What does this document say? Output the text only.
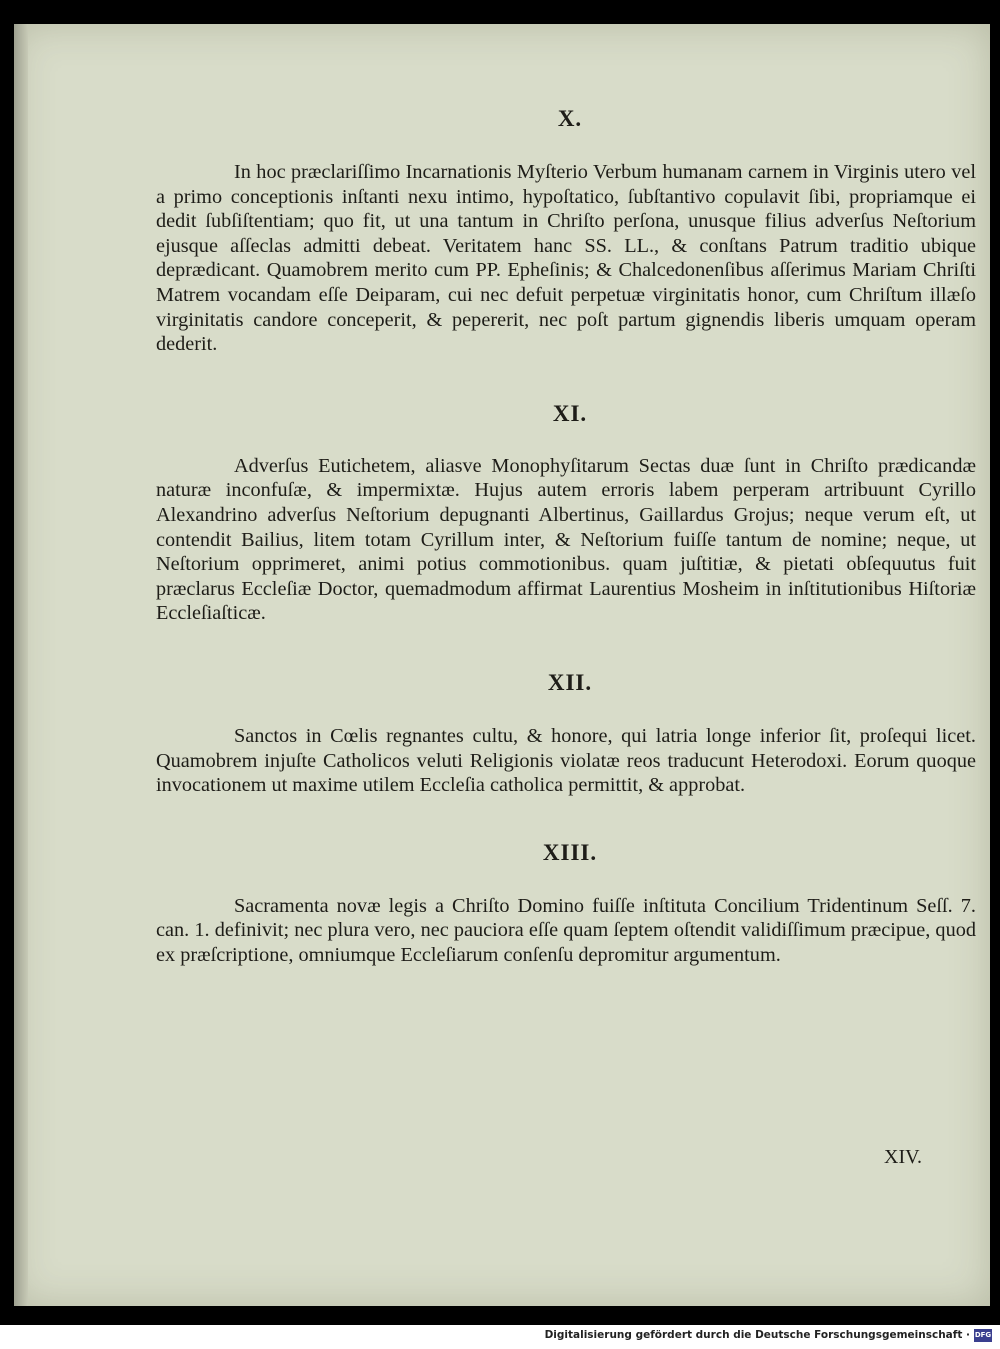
X.

In hoc præclariſſimo Incarnationis Myſterio Verbum humanam carnem in Virginis utero vel a primo conceptionis inſtanti nexu intimo, hypoſtatico, ſubſtantivo copulavit ſibi, propriamque ei dedit ſubſiſtentiam; quo fit, ut una tantum in Chriſto perſona, unusque filius adverſus Neſtorium ejusque aſſeclas admitti debeat. Veritatem hanc SS. LL., & conſtans Patrum traditio ubique deprædicant. Quamobrem merito cum PP. Epheſinis; & Chalcedonenſibus aſſerimus Mariam Chriſti Matrem vocandam eſſe Deiparam, cui nec defuit perpetuæ virginitatis honor, cum Chriſtum illæſo virginitatis candore conceperit, & pepererit, nec poſt partum gignendis liberis umquam operam dederit.

XI.

Adverſus Eutichetem, aliasve Monophyſitarum Sectas duæ ſunt in Chriſto prædicandæ naturæ inconfuſæ, & impermixtæ. Hujus autem erroris labem perperam artribuunt Cyrillo Alexandrino adverſus Neſtorium depugnanti Albertinus, Gaillardus Grojus; neque verum eſt, ut contendit Bailius, litem totam Cyrillum inter, & Neſtorium fuiſſe tantum de nomine; neque, ut Neſtorium opprimeret, animi potius commotionibus. quam juſtitiæ, & pietati obſequutus fuit præclarus Eccleſiæ Doctor, quemadmodum affirmat Laurentius Mosheim in inſtitutionibus Hiſtoriæ Eccleſiaſticæ.

XII.

Sanctos in Cœlis regnantes cultu, & honore, qui latria longe inferior ſit, proſequi licet. Quamobrem injuſte Catholicos veluti Religionis violatæ reos traducunt Heterodoxi. Eorum quoque invocationem ut maxime utilem Eccleſia catholica permittit, & approbat.

XIII.

Sacramenta novæ legis a Chriſto Domino fuiſſe inſtituta Concilium Tridentinum Seſſ. 7. can. 1. definivit; nec plura vero, nec pauciora eſſe quam ſeptem oſtendit validiſſimum præcipue, quod ex præſcriptione, omniumque Eccleſiarum conſenſu depromitur argumentum.

XIV.
Digitalisierung gefördert durch die Deutsche Forschungsgemeinschaft · DFG
